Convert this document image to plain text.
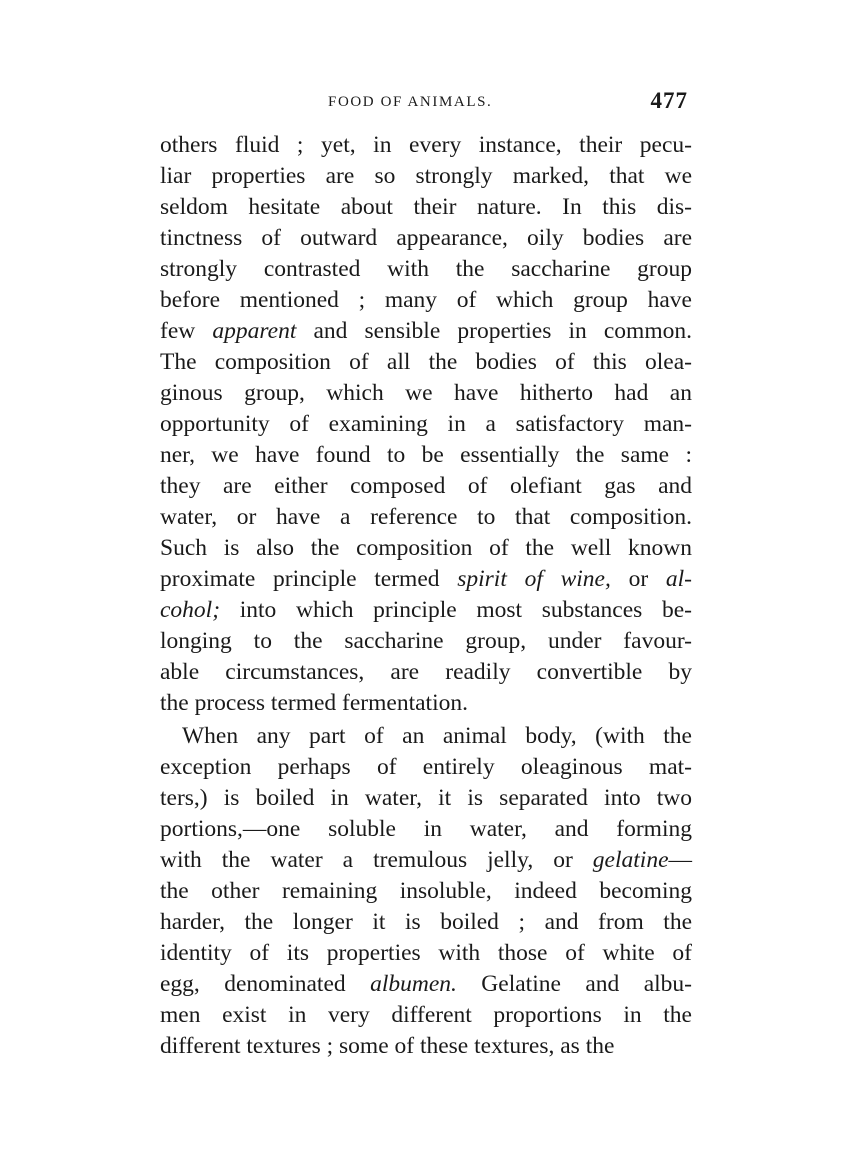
FOOD OF ANIMALS.	477
others fluid ; yet, in every instance, their pecu-
liar properties are so strongly marked, that we
seldom hesitate about their nature. In this dis-
tinctness of outward appearance, oily bodies are
strongly contrasted with the saccharine group
before mentioned ; many of which group have
few apparent and sensible properties in common.
The composition of all the bodies of this olea-
ginous group, which we have hitherto had an
opportunity of examining in a satisfactory man-
ner, we have found to be essentially the same :
they are either composed of olefiant gas and
water, or have a reference to that composition.
Such is also the composition of the well known
proximate principle termed spirit of wine, or al-
cohol; into which principle most substances be-
longing to the saccharine group, under favour-
able circumstances, are readily convertible by
the process termed fermentation.
When any part of an animal body, (with the
exception perhaps of entirely oleaginous mat-
ters,) is boiled in water, it is separated into two
portions,—one soluble in water, and forming
with the water a tremulous jelly, or gelatine—
the other remaining insoluble, indeed becoming
harder, the longer it is boiled ; and from the
identity of its properties with those of white of
egg, denominated albumen. Gelatine and albu-
men exist in very different proportions in the
different textures ; some of these textures, as the
